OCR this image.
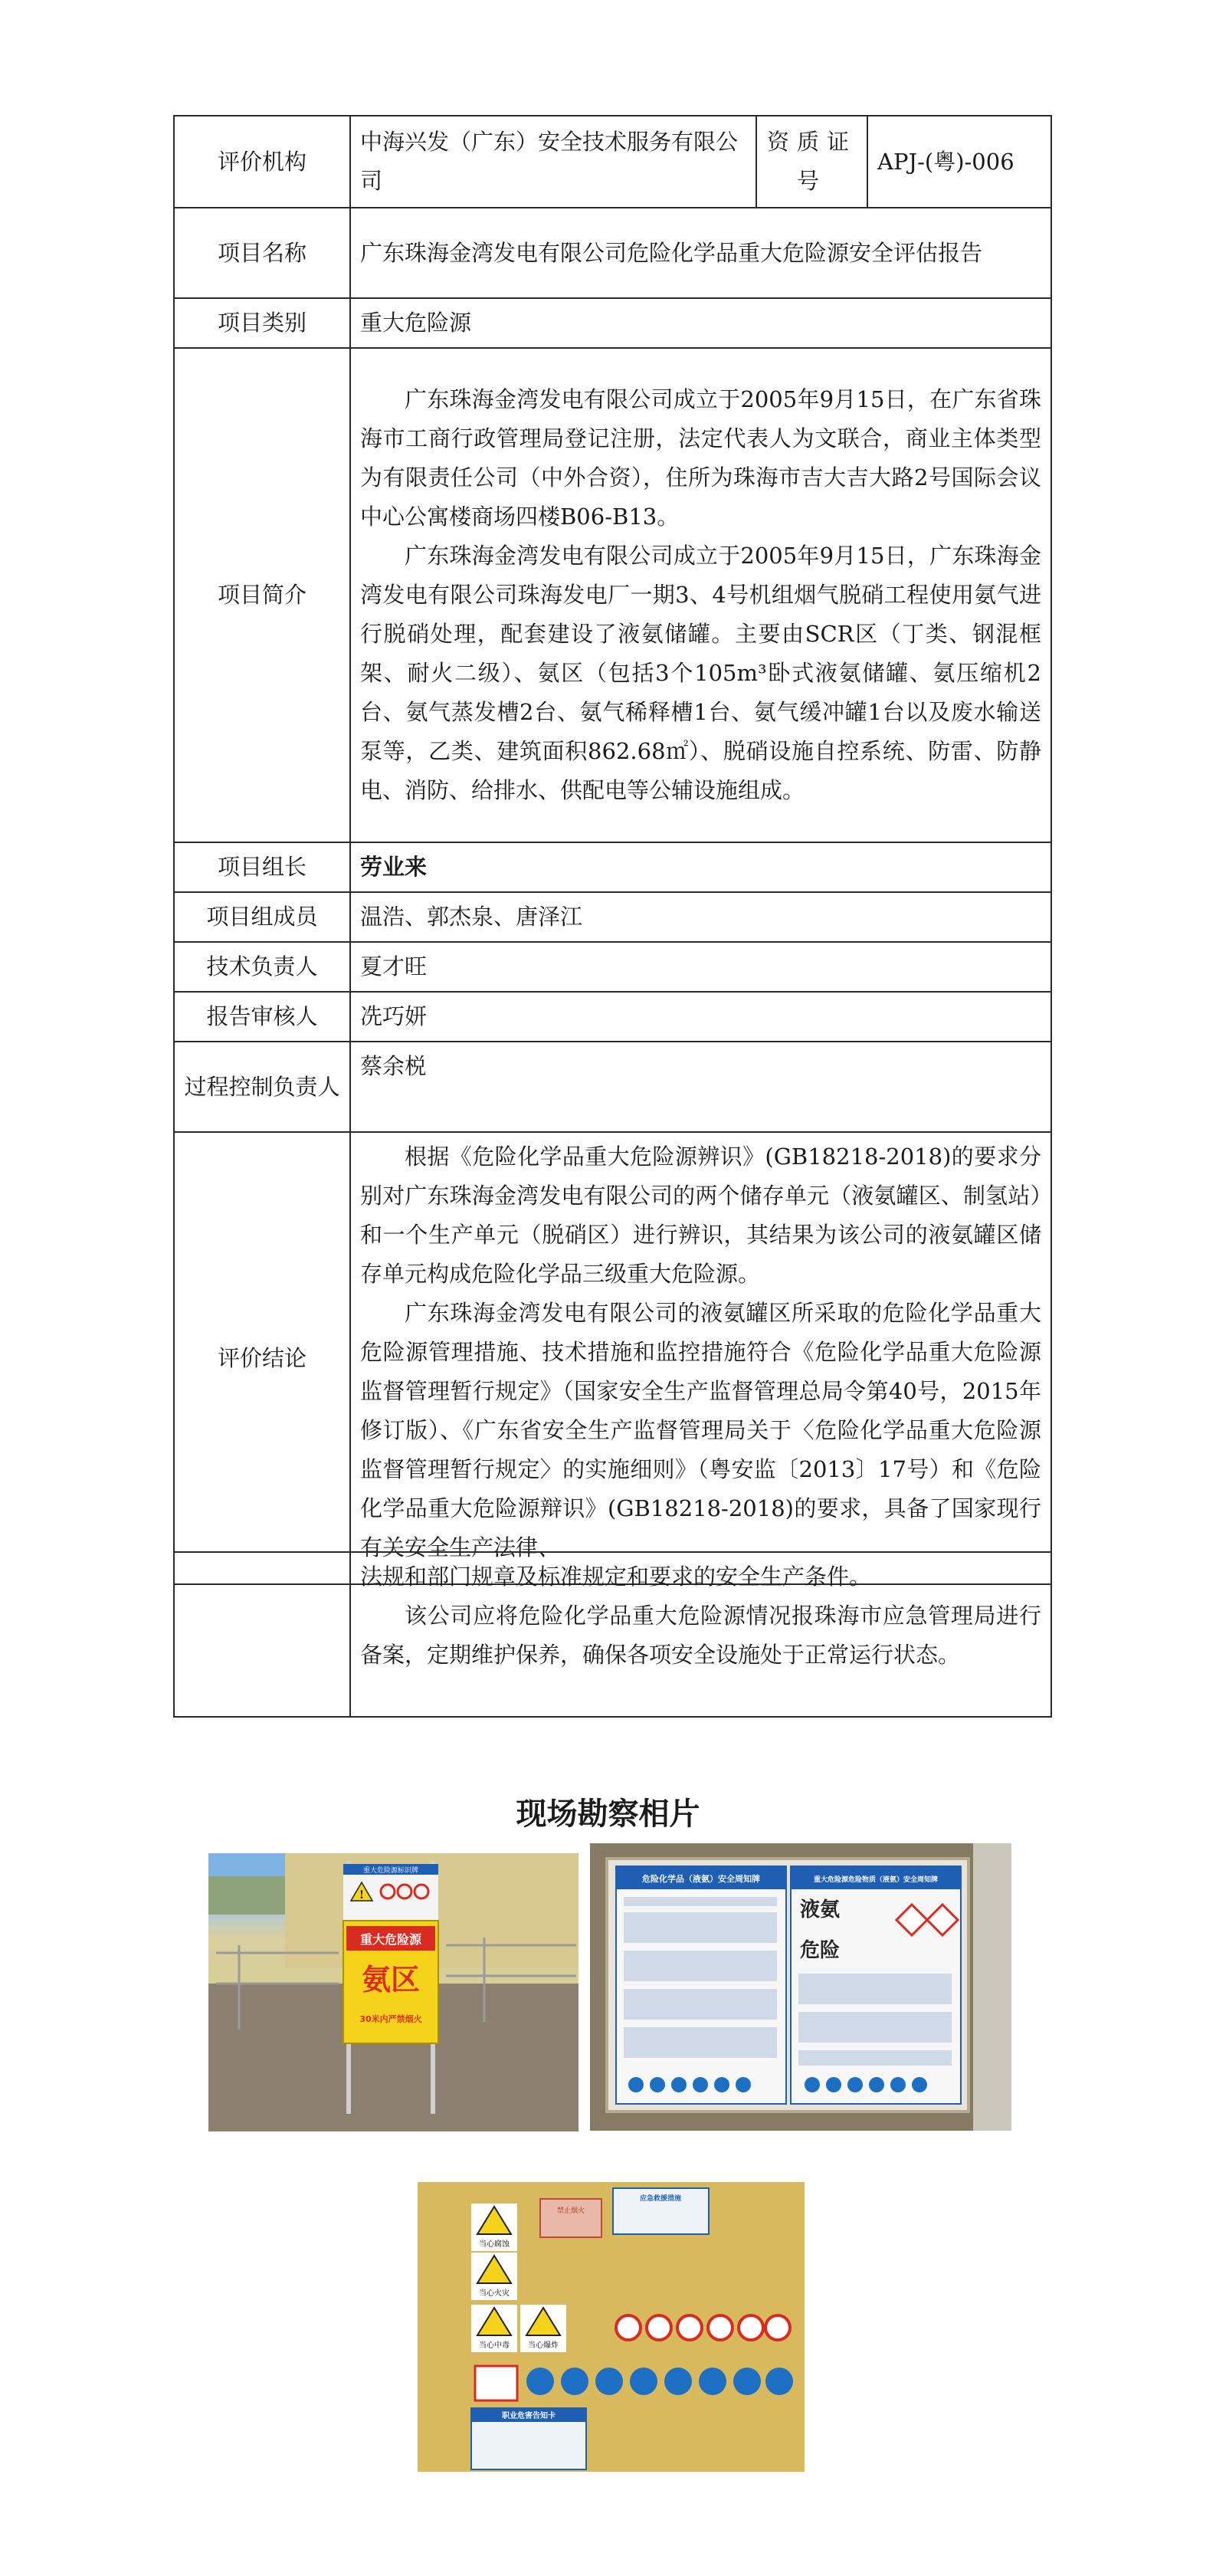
评价机构	中海兴发（广东）安全技术服务有限公司	资质证号	APJ-(粤)-006
项目名称	广东珠海金湾发电有限公司危险化学品重大危险源安全评估报告		
项目类别	重大危险源		
项目简介	广东珠海金湾发电有限公司成立于2005年9月15日，在广东省珠海市工商行政管理局登记注册，法定代表人为文联合，商业主体类型为有限责任公司（中外合资），住所为珠海市吉大吉大路2号国际会议中心公寓楼商场四楼B06-B13。

广东珠海金湾发电有限公司成立于2005年9月15日，广东珠海金湾发电有限公司珠海发电厂一期3、4号机组烟气脱硝工程使用氨气进行脱硝处理，配套建设了液氨储罐。主要由SCR区（丁类、钢混框架、耐火二级）、氨区（包括3个105m³卧式液氨储罐、氨压缩机2台、氨气蒸发槽2台、氨气稀释槽1台、氨气缓冲罐1台以及废水输送泵等，乙类、建筑面积862.68㎡）、脱硝设施自控系统、防雷、防静电、消防、给排水、供配电等公辅设施组成。		

项目组长	劳业来		
项目组成员	温浩、郭杰泉、唐泽江		
技术负责人	夏才旺		
报告审核人	冼巧妍		
过程控制负责人	蔡余棁		
评价结论	根据《危险化学品重大危险源辨识》(GB18218-2018)的要求分别对广东珠海金湾发电有限公司的两个储存单元（液氨罐区、制氢站）和一个生产单元（脱硝区）进行辨识，其结果为该公司的液氨罐区储存单元构成危险化学品三级重大危险源。

广东珠海金湾发电有限公司的液氨罐区所采取的危险化学品重大危险源管理措施、技术措施和监控措施符合《危险化学品重大危险源监督管理暂行规定》（国家安全生产监督管理总局令第40号，2015年修订版）、《广东省安全生产监督管理局关于〈危险化学品重大危险源监督管理暂行规定〉的实施细则》（粤安监〔2013〕17号）和《危险化学品重大危险源辩识》(GB18218-2018)的要求，具备了国家现行有关安全生产法律、		

法规和部门规章及标准规定和要求的安全生产条件。

该公司应将危险化学品重大危险源情况报珠海市应急管理局进行备案，定期维护保养，确保各项安全设施处于正常运行状态。

现场勘察相片
重大危险源标识牌
!
重大危险源
氨区
30米内严禁烟火
危险化学品（液氨）安全周知牌	重大危险源危险物质（液氨）安全周知牌
液氨
危险
应急救援措施
禁止烟火
当心腐蚀
当心火灾
当心中毒 当心爆炸
职业危害告知卡
